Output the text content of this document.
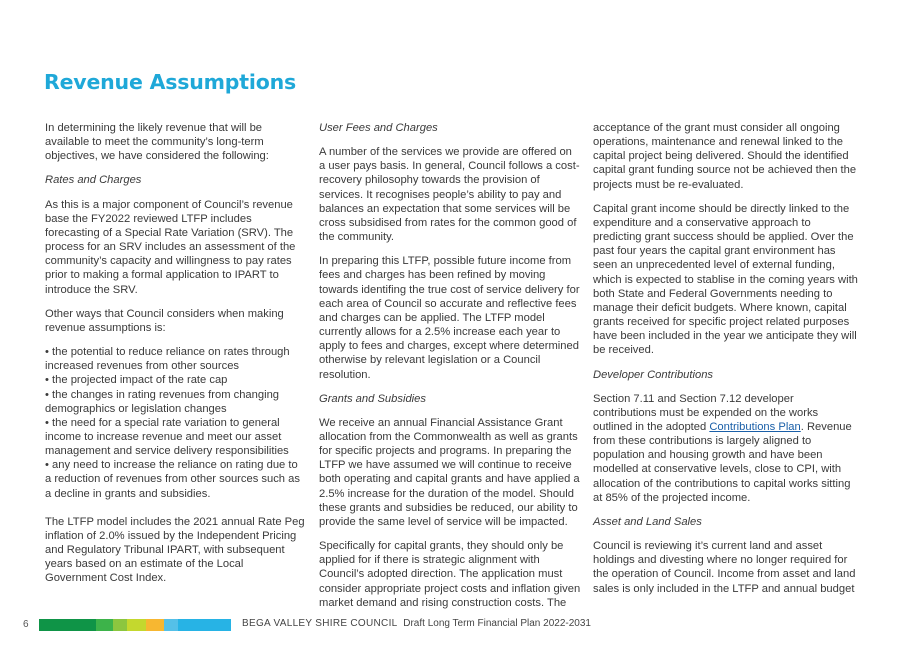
Revenue Assumptions

In determining the likely revenue that will be available to meet the community’s long-term objectives, we have considered the following:

Rates and Charges

As this is a major component of Council’s revenue base the FY2022 reviewed LTFP includes forecasting of a Special Rate Variation (SRV). The process for an SRV includes an assessment of the community’s capacity and willingness to pay rates prior to making a formal application to IPART to introduce the SRV.

Other ways that Council considers when making revenue assumptions is:

• the potential to reduce reliance on rates through increased revenues from other sources
• the projected impact of the rate cap
• the changes in rating revenues from changing demographics or legislation changes
• the need for a special rate variation to general income to increase revenue and meet our asset management and service delivery responsibilities
• any need to increase the reliance on rating due to a reduction of revenues from other sources such as a decline in grants and subsidies.

The LTFP model includes the 2021 annual Rate Peg inflation of 2.0% issued by the Independent Pricing and Regulatory Tribunal IPART, with subsequent years based on an estimate of the Local Government Cost Index.

User Fees and Charges

A number of the services we provide are offered on a user pays basis. In general, Council follows a cost-recovery philosophy towards the provision of services. It recognises people’s ability to pay and balances an expectation that some services will be cross subsidised from rates for the common good of the community.

In preparing this LTFP, possible future income from fees and charges has been refined by moving towards identifing the true cost of service delivery for each area of Council so accurate and reflective fees and charges can be applied. The LTFP model currently allows for a 2.5% increase each year to apply to fees and charges, except where determined otherwise by relevant legislation or a Council resolution.

Grants and Subsidies

We receive an annual Financial Assistance Grant allocation from the Commonwealth as well as grants for specific projects and programs. In preparing the LTFP we have assumed we will continue to receive both operating and capital grants and have applied a 2.5% increase for the duration of the model. Should these grants and subsidies be reduced, our ability to provide the same level of service will be impacted.

Specifically for capital grants, they should only be applied for if there is strategic alignment with Council’s adopted direction. The application must consider appropriate project costs and inflation given market demand and rising construction costs. The

acceptance of the grant must consider all ongoing operations, maintenance and renewal linked to the capital project being delivered. Should the identified capital grant funding source not be achieved then the projects must be re-evaluated.

Capital grant income should be directly linked to the expenditure and a conservative approach to predicting grant success should be applied. Over the past four years the capital grant environment has seen an unprecedented level of external funding, which is expected to stablise in the coming years with both State and Federal Governments needing to manage their deficit budgets. Where known, capital grants received for specific project related purposes have been included in the year we anticipate they will be received.

Developer Contributions

Section 7.11 and Section 7.12 developer contributions must be expended on the works outlined in the adopted Contributions Plan. Revenue from these contributions is largely aligned to population and housing growth and have been modelled at conservative levels, close to CPI, with allocation of the contributions to capital works sitting at 85% of the projected income.

Asset and Land Sales

Council is reviewing it’s current land and asset holdings and divesting where no longer required for the operation of Council. Income from asset and land sales is only included in the LTFP and annual budget

6	BEGA VALLEY SHIRE COUNCIL Draft Long Term Financial Plan 2022-2031
